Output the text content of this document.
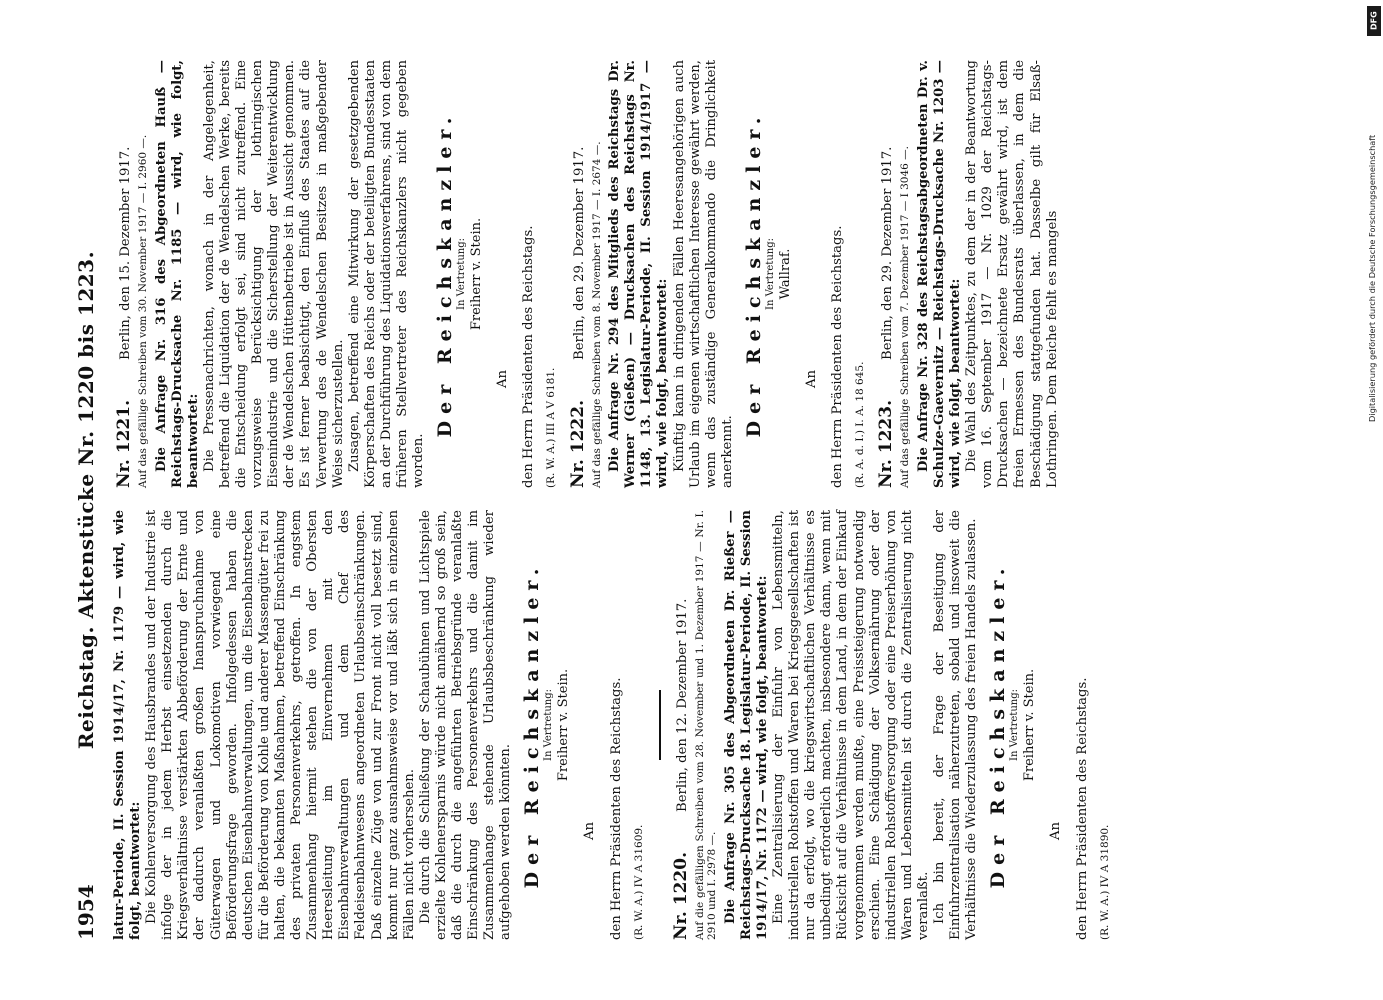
1954
Reichstag. Aktenstücke Nr. 1220 bis 1223. latur-Periode, II. Session 1914/17, Nr. 1179 — wird, wie folgt, beantwortet: Die Kohlenversorgung des Hausbrandes und der Industrie ist infolge der in jedem Herbst einsetzenden durch die Kriegsverhältnisse verstärkten Abbeförderung der Ernte und der dadurch veranlaßten großen Inanspruchnahme von Güterwagen und Lokomotiven vorwiegend eine Beförderungsfrage geworden. Infolgedessen haben die deutschen Eisenbahnverwaltungen, um die Eisenbahnstrecken für die Beförderung von Kohle und anderer Massengüter frei zu halten, die bekannten Maßnahmen, betreffend Einschränkung des privaten Personenverkehrs, getroffen. In engstem Zusammenhang hiermit stehen die von der Obersten Heeresleitung im Einvernehmen mit den Eisenbahnverwaltungen und dem Chef des Feldeisenbahnwesens angeordneten Urlaubseinschränkungen. Daß einzelne Züge von und zur Front nicht voll besetzt sind, kommt nur ganz ausnahmsweise vor und läßt sich in einzelnen Fällen nicht vorhersehen. Die durch die Schließung der Schaubühnen und Lichtspiele erzielte Kohlenersparnis würde nicht annähernd so groß sein, daß die durch die angeführten Betriebsgründe veranlaßte Einschränkung des Personenverkehrs und die damit im Zusammenhange stehende Urlaubsbeschränkung wieder aufgehoben werden könnten. Der Reichskanzler. In Vertretung: Freiherr v. Stein.
An den Herrn Präsidenten des Reichstags. (R. W. A.) IV A 31609. Nr. 1220.Berlin, den 12. Dezember 1917. Auf die gefälligen Schreiben vom 28. November und 1. Dezember 1917 — Nr. I. 2910 und I. 2978 —. Die Anfrage Nr. 305 des Abgeordneten Dr. Rießer — Reichstags-Drucksache 18. Legislatur-Periode, II. Session 1914/17, Nr. 1172 — wird, wie folgt, beantwortet: Eine Zentralisierung der Einfuhr von Lebensmitteln, industriellen Rohstoffen und Waren bei Kriegsgesellschaften ist nur da erfolgt, wo die kriegswirtschaftlichen Verhältnisse es unbedingt erforderlich machten, insbesondere dann, wenn mit Rücksicht auf die Verhältnisse in dem Land, in dem der Einkauf vorgenommen werden mußte, eine Preissteigerung notwendig erschien. Eine Schädigung der Volksernährung oder der industriellen Rohstoffversorgung oder eine Preiserhöhung von Waren und Lebensmitteln ist durch die Zentralisierung nicht veranlaßt. Ich bin bereit, der Frage der Beseitigung der Einfuhrzentralisation näherzutreten, sobald und insoweit die Verhältnisse die Wiederzulassung des freien Handels zulassen. Der Reichskanzler. In Vertretung: Freiherr v. Stein.
An den Herrn Präsidenten des Reichstags. (R. W. A.) IV A 31890.

Nr. 1221.Berlin, den 15. Dezember 1917. Auf das gefällige Schreiben vom 30. November 1917 — I. 2960 —. Die Anfrage Nr. 316 des Abgeordneten Hauß — Reichstags-Drucksache Nr. 1185 — wird, wie folgt, beantwortet: Die Pressenachrichten, wonach in der Angelegenheit, betreffend die Liquidation der de Wendelschen Werke, bereits die Entscheidung erfolgt sei, sind nicht zutreffend. Eine vorzugsweise Berücksichtigung der lothringischen Eisenindustrie und die Sicherstellung der Weiterentwicklung der de Wendelschen Hüttenbetriebe ist in Aussicht genommen. Es ist ferner beabsichtigt, den Einfluß des Staates auf die Verwertung des de Wendelschen Besitzes in maßgebender Weise sicherzustellen. Zusagen, betreffend eine Mitwirkung der gesetzgebenden Körperschaften des Reichs oder der beteiligten Bundesstaaten an der Durchführung des Liquidationsverfahrens, sind von dem früheren Stellvertreter des Reichskanzlers nicht gegeben worden.

Der Reichskanzler. In Vertretung: Freiherr v. Stein.
An den Herrn Präsidenten des Reichstags. (R. W. A.) III A V 6181. Nr. 1222.Berlin, den 29. Dezember 1917. Auf das gefällige Schreiben vom 8. November 1917 — I. 2674 —. Die Anfrage Nr. 294 des Mitglieds des Reichstags Dr. Werner (Gießen) — Drucksachen des Reichstags Nr. 1148, 13. Legislatur-Periode, II. Session 1914/1917 — wird, wie folgt, beantwortet: Künftig kann in dringenden Fällen Heeresangehörigen auch Urlaub im eigenen wirtschaftlichen Interesse gewährt werden, wenn das zuständige Generalkommando die Dringlichkeit anerkennt.

Der Reichskanzler. In Vertretung: Wallraf.
An den Herrn Präsidenten des Reichstags. (R. A. d. I.) I. A. 18 645. Nr. 1223.Berlin, den 29. Dezember 1917. Auf das gefällige Schreiben vom 7. Dezember 1917 — I 3046 —. Die Anfrage Nr. 328 des Reichstagsabgeordneten Dr. v. Schulze-Gaevernitz — Reichstags-Drucksache Nr. 1203 — wird, wie folgt, beantwortet: Die Wahl des Zeitpunktes, zu dem der in der Beantwortung vom 16. September 1917 — Nr. 1029 der Reichstags-Drucksachen — bezeichnete Ersatz gewährt wird, ist dem freien Ermessen des Bundesrats überlassen, in dem die Beschädigung stattgefunden hat. Dasselbe gilt für Elsaß-Lothringen. Dem Reiche fehlt es mangels

DFG
Digitalisierung gefördert durch die Deutsche Forschungsgemeinschaft
